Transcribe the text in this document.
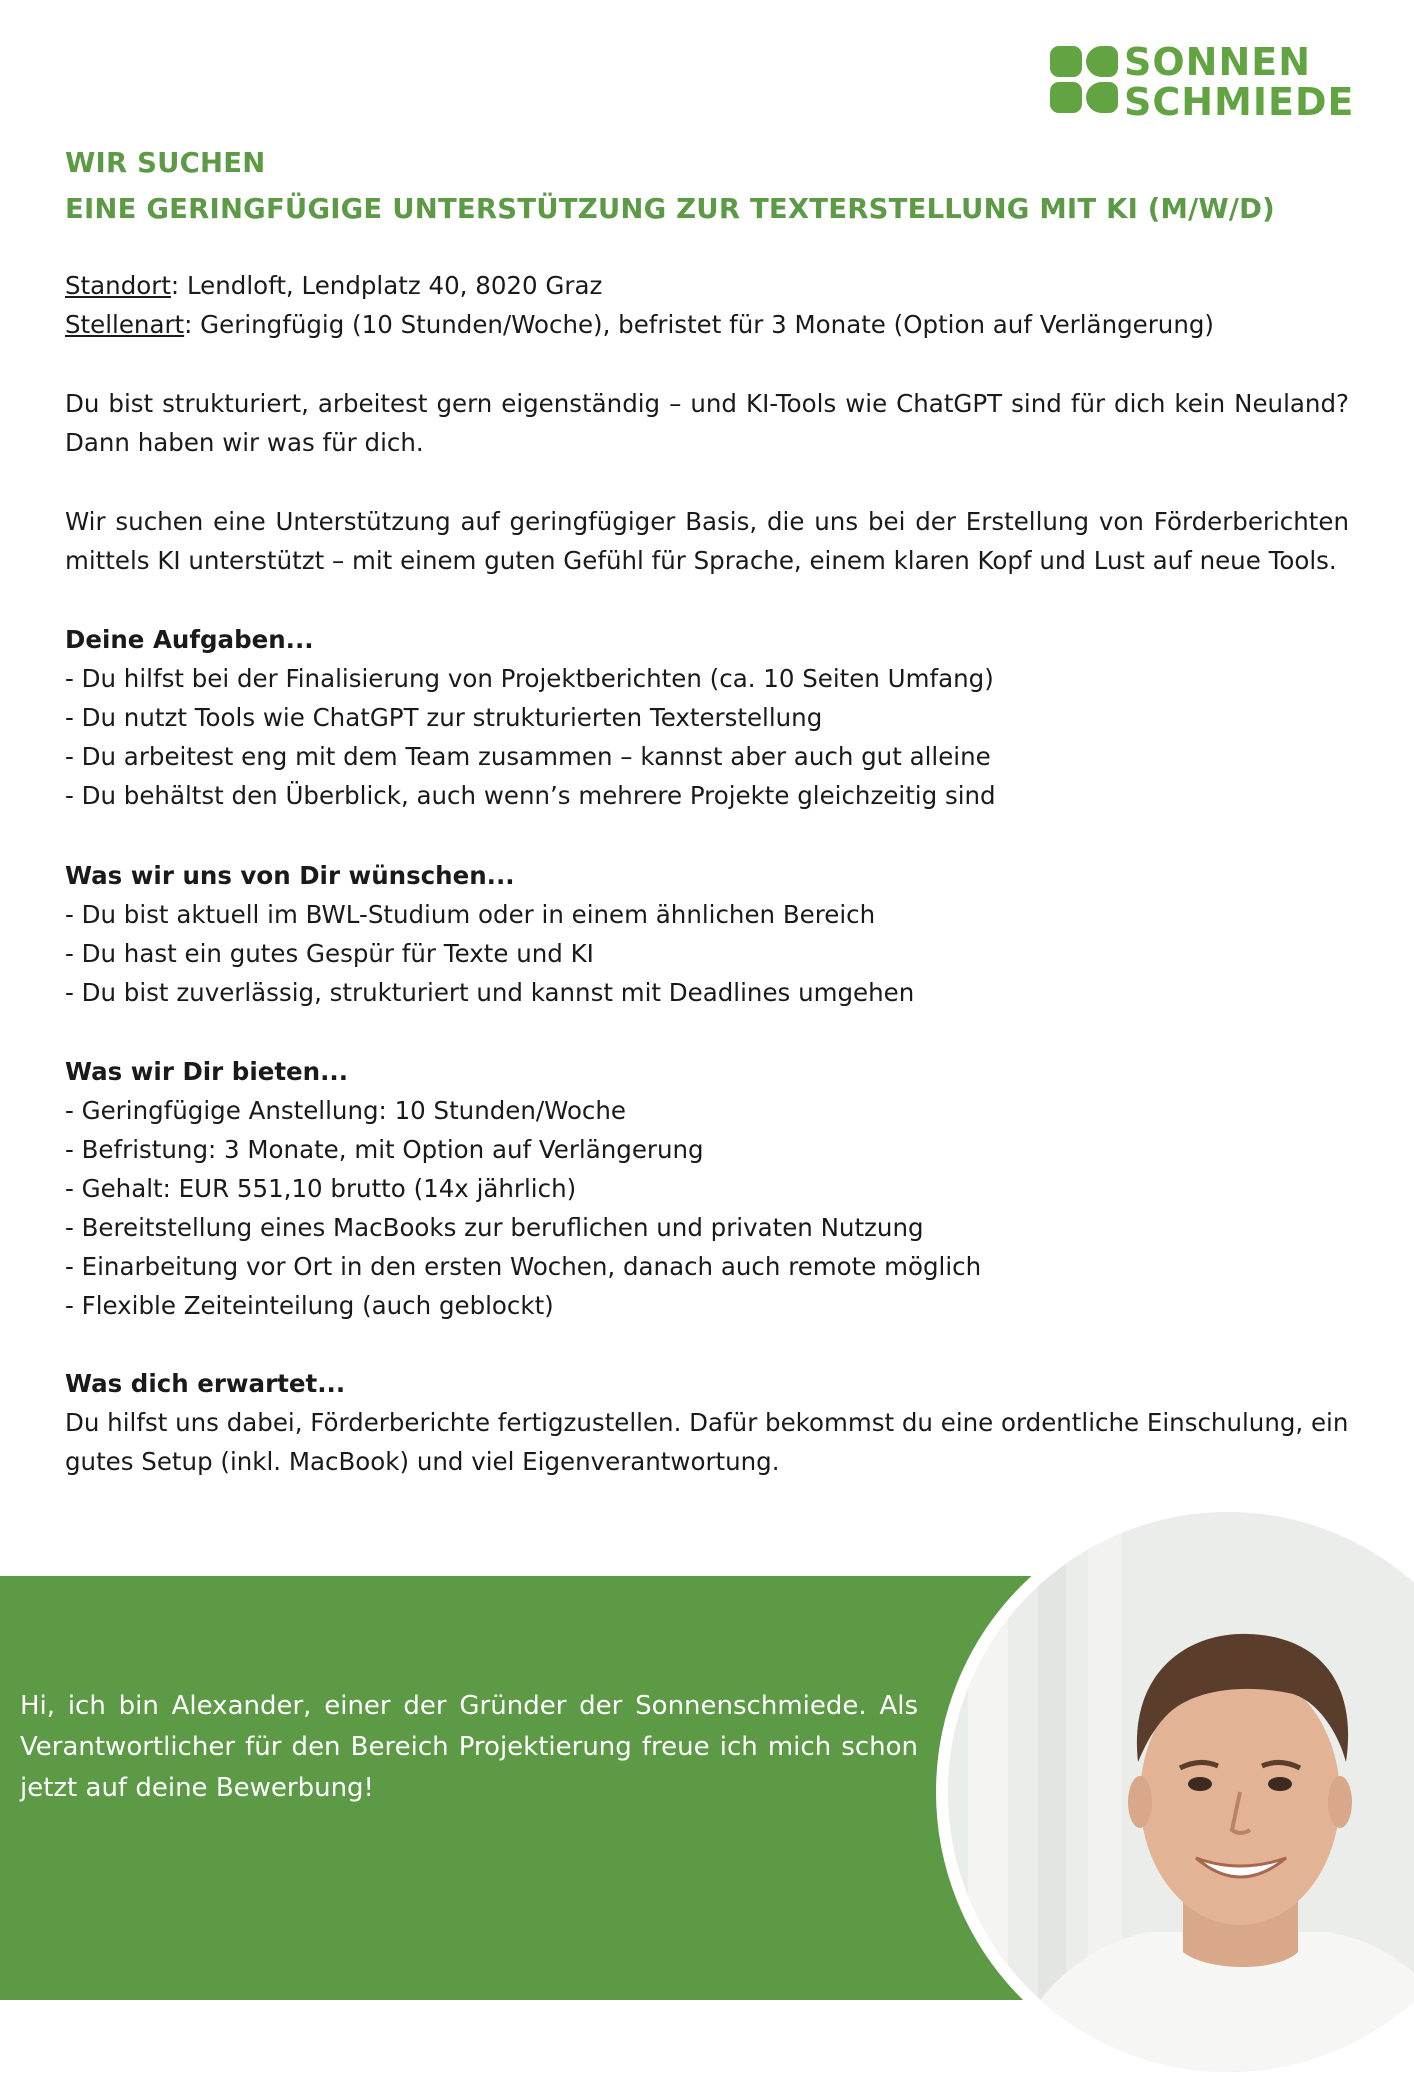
SONNEN
SCHMIEDE
WIR SUCHEN
EINE GERINGFÜGIGE UNTERSTÜTZUNG ZUR TEXTERSTELLUNG MIT KI (M/W/D)
Standort: Lendloft, Lendplatz 40, 8020 Graz
Stellenart: Geringfügig (10 Stunden/Woche), befristet für 3 Monate (Option auf Verlängerung)
Du bist strukturiert, arbeitest gern eigenständig – und KI-Tools wie ChatGPT sind für dich kein Neuland? Dann haben wir was für dich.
Wir suchen eine Unterstützung auf geringfügiger Basis, die uns bei der Erstellung von Förderberichten mittels KI unterstützt – mit einem guten Gefühl für Sprache, einem klaren Kopf und Lust auf neue Tools.
Deine Aufgaben...
- Du hilfst bei der Finalisierung von Projektberichten (ca. 10 Seiten Umfang)
- Du nutzt Tools wie ChatGPT zur strukturierten Texterstellung
- Du arbeitest eng mit dem Team zusammen – kannst aber auch gut alleine
- Du behältst den Überblick, auch wenn’s mehrere Projekte gleichzeitig sind
Was wir uns von Dir wünschen...
- Du bist aktuell im BWL-Studium oder in einem ähnlichen Bereich
- Du hast ein gutes Gespür für Texte und KI
- Du bist zuverlässig, strukturiert und kannst mit Deadlines umgehen
Was wir Dir bieten...
- Geringfügige Anstellung: 10 Stunden/Woche
- Befristung: 3 Monate, mit Option auf Verlängerung
- Gehalt: EUR 551,10 brutto (14x jährlich)
- Bereitstellung eines MacBooks zur beruflichen und privaten Nutzung
- Einarbeitung vor Ort in den ersten Wochen, danach auch remote möglich
- Flexible Zeiteinteilung (auch geblockt)
Was dich erwartet...
Du hilfst uns dabei, Förderberichte fertigzustellen. Dafür bekommst du eine ordentliche Einschulung, ein gutes Setup (inkl. MacBook) und viel Eigenverantwortung.
Hi, ich bin Alexander, einer der Gründer der Sonnenschmiede. Als Verantwortlicher für den Bereich Projektierung freue ich mich schon jetzt auf deine Bewerbung!
